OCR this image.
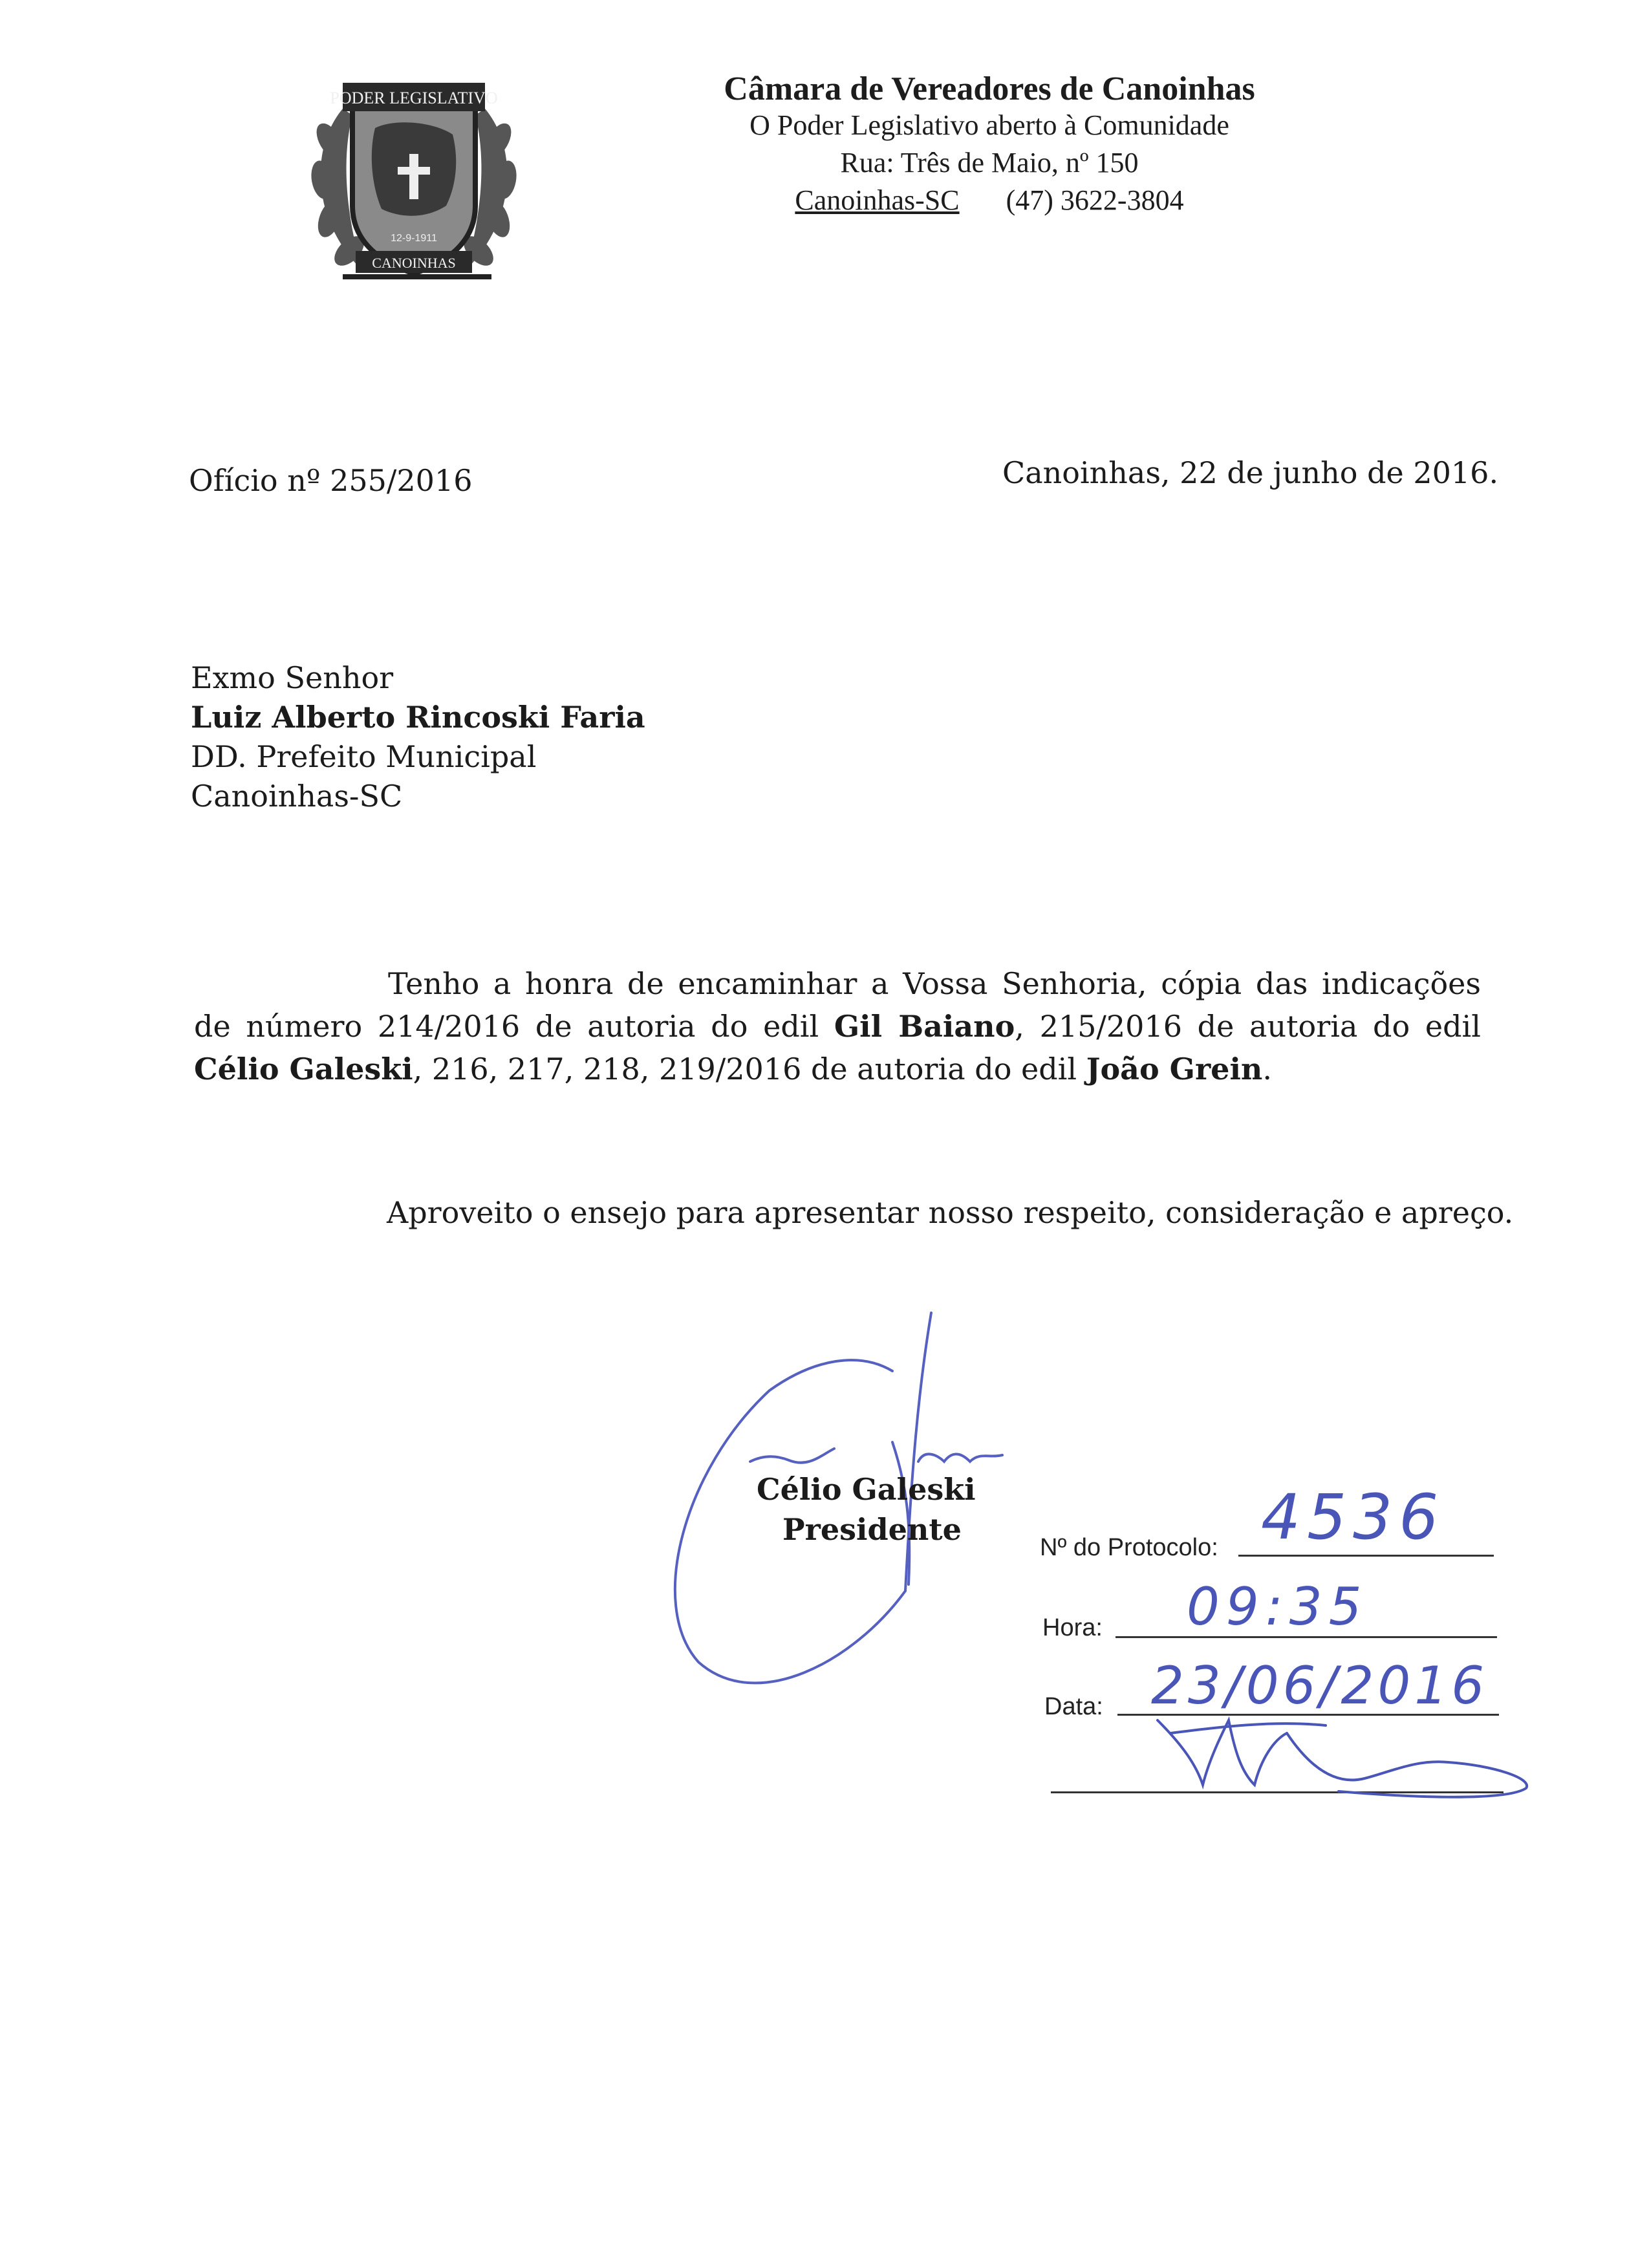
PODER LEGISLATIVO
12-9-1911
CANOINHAS
Câmara de Vereadores de Canoinhas
O Poder Legislativo aberto à Comunidade
Rua: Três de Maio, nº 150
Canoinhas-SC (47) 3622-3804
Ofício nº 255/2016	Canoinhas, 22 de junho de 2016.
Exmo Senhor
Luiz Alberto Rincoski Faria
DD. Prefeito Municipal
Canoinhas-SC
Tenho a honra de encaminhar a Vossa Senhoria, cópia das indicações de número 214/2016 de autoria do edil Gil Baiano, 215/2016 de autoria do edil Célio Galeski, 216, 217, 218, 219/2016 de autoria do edil João Grein.
Aproveito o ensejo para apresentar nosso respeito, consideração e apreço.
Célio Galeski
Presidente
Nº do Protocolo: 4536
Hora: 09:35
Data: 23/06/2016
